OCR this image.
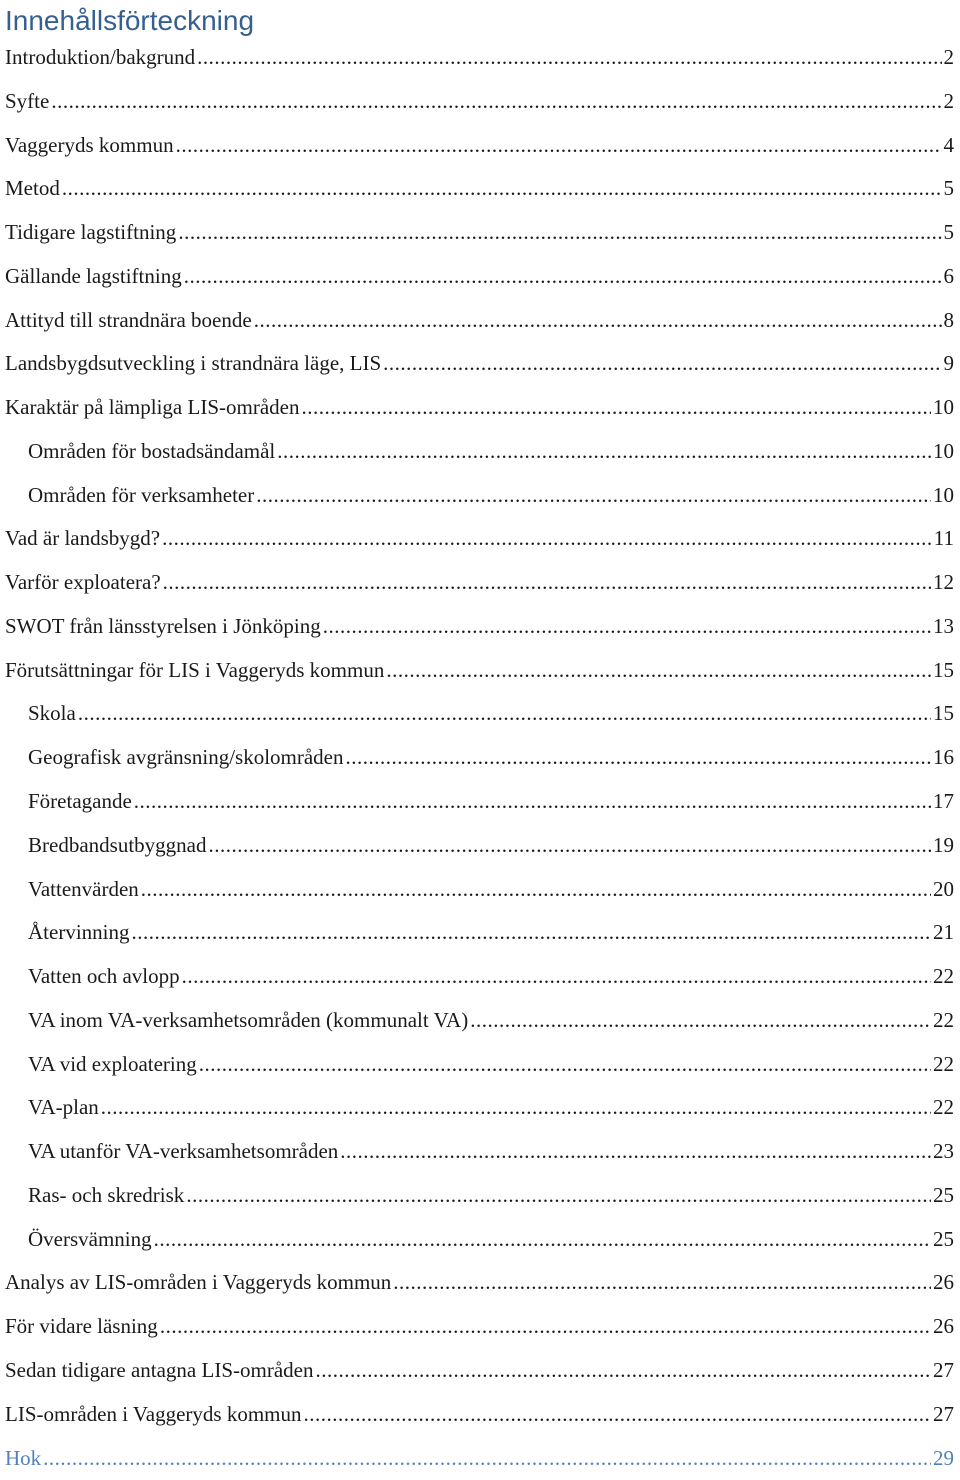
Innehållsförteckning
Introduktion/bakgrund .....	2
Syfte .....	2
Vaggeryds kommun .....	4
Metod .....	5
Tidigare lagstiftning .....	5
Gällande lagstiftning .....	6
Attityd till strandnära boende .....	8
Landsbygdsutveckling i strandnära läge, LIS .....	9
Karaktär på lämpliga LIS-områden .....	10
Områden för bostadsändamål .....	10
Områden för verksamheter .....	10
Vad är landsbygd? .....	11
Varför exploatera? .....	12
SWOT från länsstyrelsen i Jönköping .....	13
Förutsättningar för LIS i Vaggeryds kommun .....	15
Skola .....	15
Geografisk avgränsning/skolområden .....	16
Företagande .....	17
Bredbandsutbyggnad .....	19
Vattenvärden .....	20
Återvinning .....	21
Vatten och avlopp .....	22
VA inom VA-verksamhetsområden (kommunalt VA) .....	22
VA vid exploatering .....	22
VA-plan .....	22
VA utanför VA-verksamhetsområden .....	23
Ras- och skredrisk .....	25
Översvämning .....	25
Analys av LIS-områden i Vaggeryds kommun .....	26
För vidare läsning .....	26
Sedan tidigare antagna LIS-områden .....	27
LIS-områden i Vaggeryds kommun .....	27
Hok .....	29
